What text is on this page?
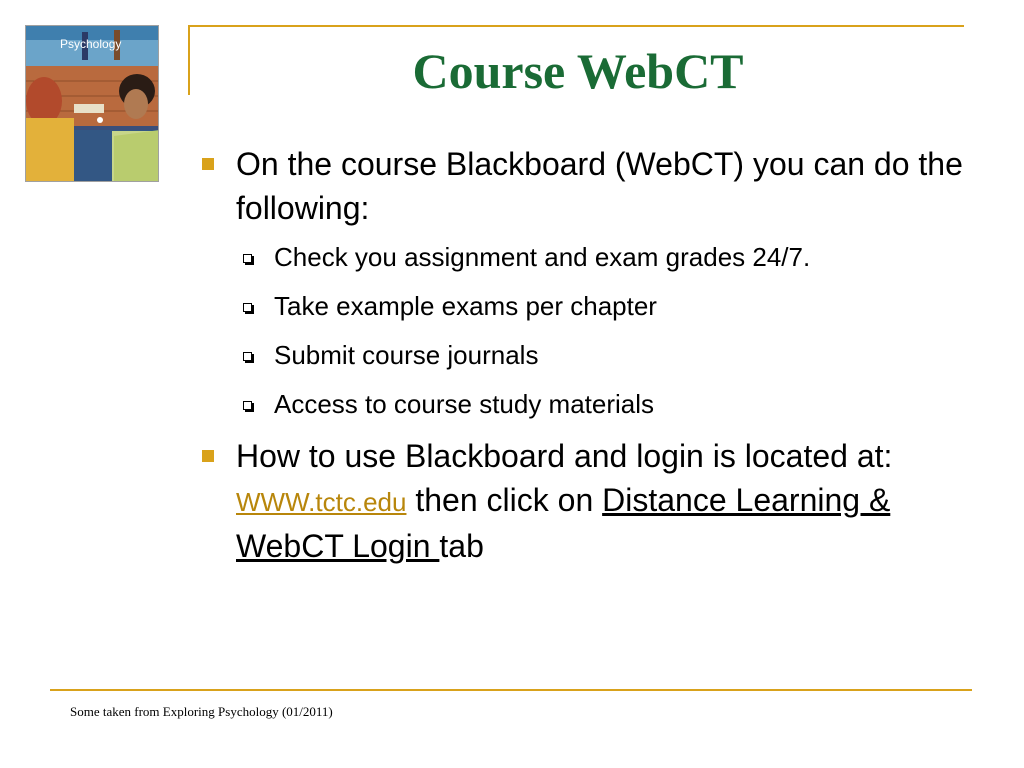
Psychology	Course WebCT
On the course Blackboard (WebCT) you can do the following:
Check you assignment and exam grades 24/7.
Take example exams per chapter
Submit course journals
Access to course study materials
How to use Blackboard and login is located at: WWW.tctc.edu then click on Distance Learning & WebCT Login tab
Some taken from Exploring Psychology (01/2011)
